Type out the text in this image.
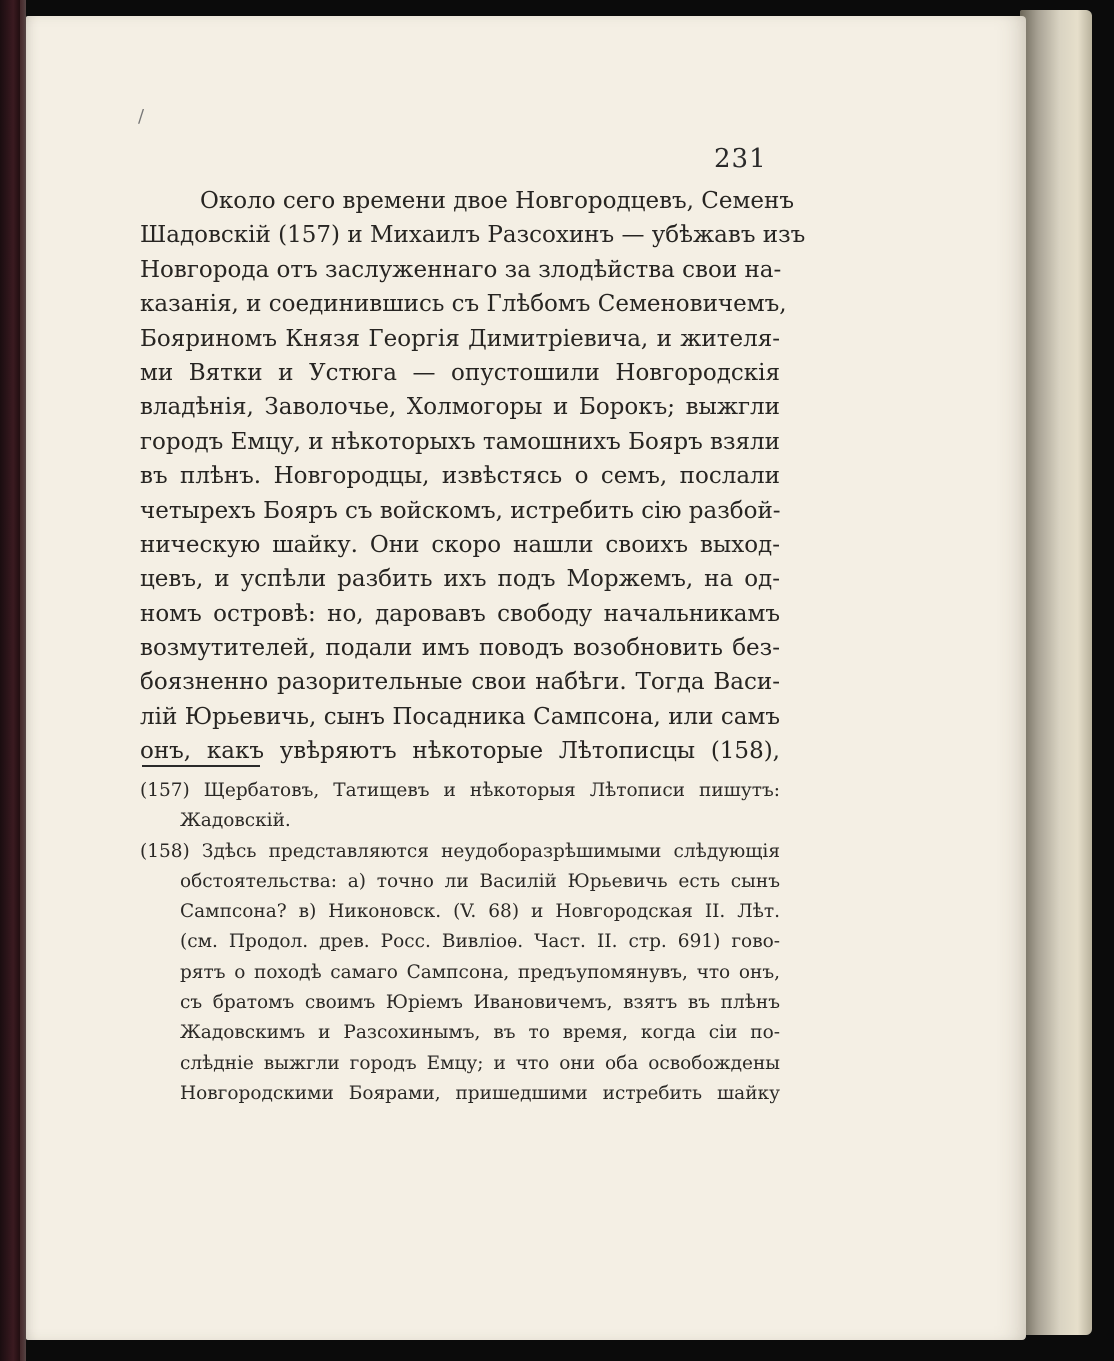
/
231
Около сего времени двое Новгородцевъ, Семенъ
Шадовскій (157) и Михаилъ Разсохинъ — убѣжавъ изъ
Новгорода отъ заслуженнаго за злодѣйства свои на-
казанія, и соединившись съ Глѣбомъ Семеновичемъ,
Бояриномъ Князя Георгія Димитріевича, и жителя-
ми Вятки и Устюга — опустошили Новгородскія
владѣнія, Заволочье, Холмогоры и Борокъ; выжгли
городъ Емцу, и нѣкоторыхъ тамошнихъ Бояръ взяли
въ плѣнъ. Новгородцы, извѣстясь о семъ, послали
четырехъ Бояръ съ войскомъ, истребить сію разбой-
ническую шайку. Они скоро нашли своихъ выход-
цевъ, и успѣли разбить ихъ подъ Моржемъ, на од-
номъ островѣ: но, даровавъ свободу начальникамъ
возмутителей, подали имъ поводъ возобновить без-
боязненно разорительные свои набѣги. Тогда Васи-
лій Юрьевичь, сынъ Посадника Сампсона, или самъ
онъ, какъ увѣряютъ нѣкоторые Лѣтописцы (158),
(157) Щербатовъ, Татищевъ и нѣкоторыя Лѣтописи пишутъ:
Жадовскій.
(158) Здѣсь представляются неудоборазрѣшимыми слѣдующія
обстоятельства: а) точно ли Василій Юрьевичь есть сынъ
Сампсона? в) Никоновск. (V. 68) и Новгородская II. Лѣт.
(см. Продол. древ. Росс. Вивліоѳ. Част. II. стр. 691) гово-
рятъ о походѣ самаго Сампсона, предъупомянувъ, что онъ,
съ братомъ своимъ Юріемъ Ивановичемъ, взятъ въ плѣнъ
Жадовскимъ и Разсохинымъ, въ то время, когда сіи по-
слѣдніе выжгли городъ Емцу; и что они оба освобождены
Новгородскими Боярами, пришедшими истребить шайку
